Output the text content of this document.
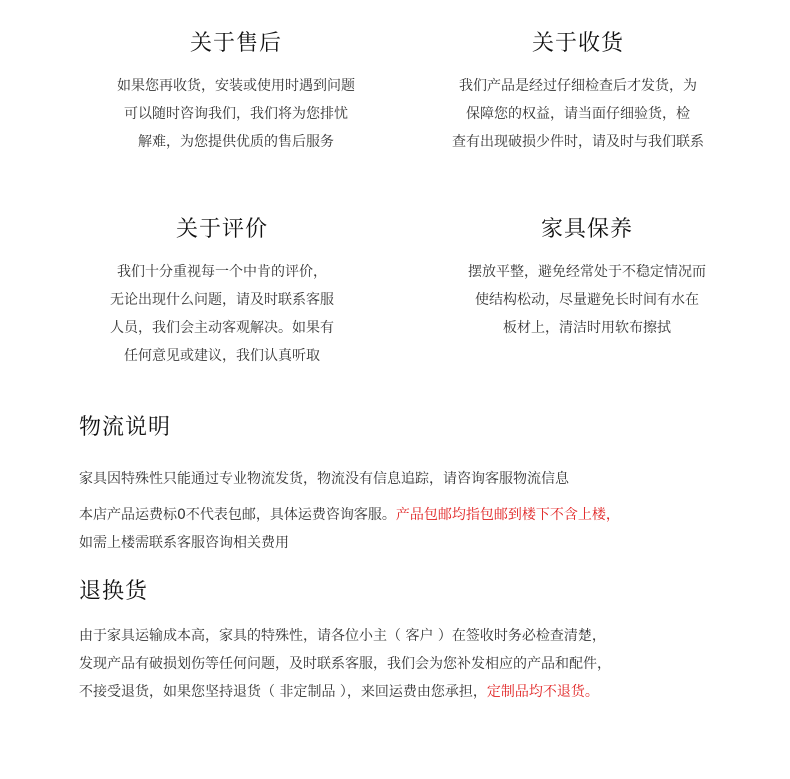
关于售后
如果您再收货，安装或使用时遇到问题
可以随时咨询我们，我们将为您排忧
解难，为您提供优质的售后服务
关于收货
我们产品是经过仔细检查后才发货，为
保障您的权益，请当面仔细验货，检
查有出现破损少件时，请及时与我们联系
关于评价
我们十分重视每一个中肯的评价，
无论出现什么问题，请及时联系客服
人员，我们会主动客观解决。如果有
任何意见或建议，我们认真听取
家具保养
摆放平整，避免经常处于不稳定情况而
使结构松动，尽量避免长时间有水在
板材上，清洁时用软布擦拭
物流说明
家具因特殊性只能通过专业物流发货，物流没有信息追踪，请咨询客服物流信息
本店产品运费标0不代表包邮，具体运费咨询客服。产品包邮均指包邮到楼下不含上楼，
如需上楼需联系客服咨询相关费用
退换货
由于家具运输成本高，家具的特殊性，请各位小主（ 客户 ）在签收时务必检查清楚，
发现产品有破损划伤等任何问题，及时联系客服，我们会为您补发相应的产品和配件，
不接受退货，如果您坚持退货（ 非定制品 ），来回运费由您承担，定制品均不退货。
